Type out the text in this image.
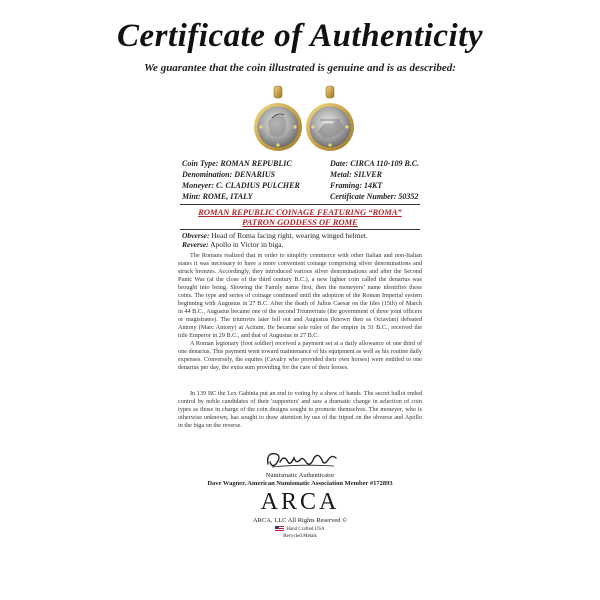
Certificate of Authenticity
We guarantee that the coin illustrated is genuine and is as described:
Coin Type: ROMAN REPUBLIC
Denomination: DENARIUS
Moneyer: C. CLADIUS PULCHER
Mint: ROME, ITALY
Date: CIRCA 110-109 B.C.
Metal: SILVER
Framing: 14KT
Certificate Number: 50352
ROMAN REPUBLIC COINAGE FEATURING “ROMA”
PATRON GODDESS OF ROME
Obverse: Head of Roma facing right, wearing winged helmet.
Reverse: Apollo in Victor in biga.

The Romans realized that in order to simplify commerce with other Italian and non-Italian states it was necessary to have a more convenient coinage comprising silver denominations and struck bronzes. Accordingly, they introduced various silver denominations and after the Second Punic War (at the close of the third century B.C.), a new lighter coin called the denarius was brought into being. Showing the Family name first, then the moneyers’ name identifies these coins. The type and series of coinage continued until the adoption of the Roman Imperial system beginning with Augustus in 27 B.C. After the death of Julius Caesar on the Ides (15th) of March in 44 B.C., Augustus became one of the second Triumvirate (the government of three joint officers or magistrates). The triumvirs later fell out and Augustus (known then as Octavian) defeated Antony (Marc Antony) at Actium. He became sole ruler of the empire in 31 B.C., received the title Emperor in 29 B.C., and that of Augustus in 27 B.C.

A Roman legionary (foot soldier) received a payment set at a daily allowance of one third of one denarius. This payment went toward maintenance of his equipment as well as his routine daily expenses. Conversely, the equites (Cavalry who provided their own horses) were entitled to one denarius per day, the extra sum providing for the care of their horses.

In 139 BC the Lex Gabinia put an end to voting by a show of hands. The secret ballot ended control by noble candidates of their 'supporters' and saw a dramatic change in selection of coin types as those in charge of the coin designs sought to promote themselves. The moneyer, who is otherwise unknown, has sought to draw attention by use of the tripod on the obverse and Apollo in the biga on the reverse.

Numismatic Authenticator
Dave Wagner, American Numismatic Association Member #172893
ARCA
ARCA, LLC All Rights Reserved ©
Hand Crafted USA
Recycled Metals
